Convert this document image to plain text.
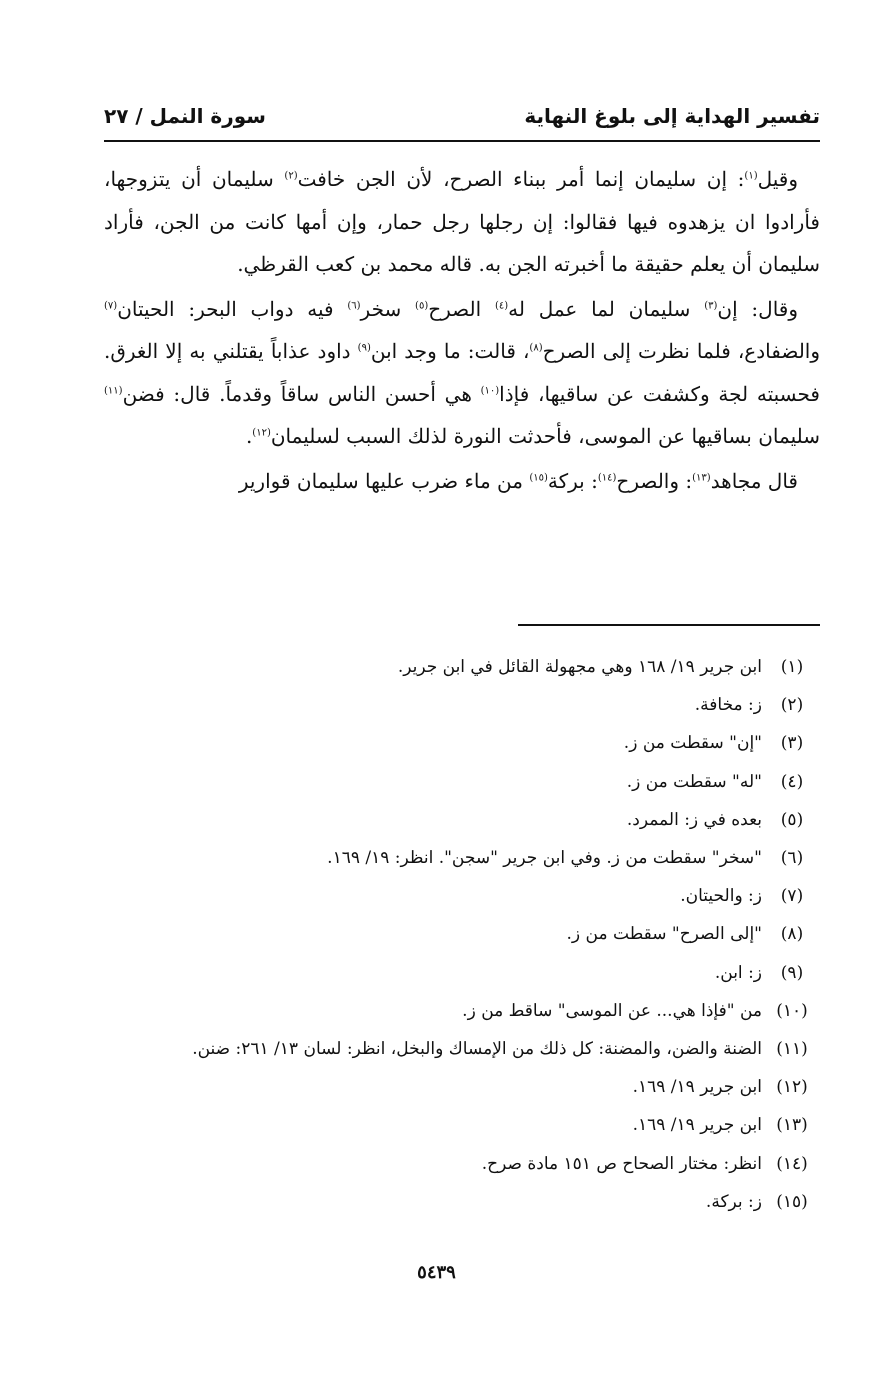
تفسير الهداية إلى بلوغ النهاية
سورة النمل / ٢٧

وقيل$^{(١)}$: إن سليمان إنما أمر ببناء الصرح، لأن الجن خافت$^{(٢)}$ سليمان أن يتزوجها، فأرادوا ان يزهدوه فيها فقالوا: إن رجلها رجل حمار، وإن أمها كانت من الجن، فأراد سليمان أن يعلم حقيقة ما أخبرته الجن به. قاله محمد بن كعب القرظي.

وقال: إن$^{(٣)}$ سليمان لما عمل له$^{(٤)}$ الصرح$^{(٥)}$ سخر$^{(٦)}$ فيه دواب البحر: الحيتان$^{(٧)}$ والضفادع، فلما نظرت إلى الصرح$^{(٨)}$، قالت: ما وجد ابن$^{(٩)}$ داود عذاباً يقتلني به إلا الغرق. فحسبته لجة وكشفت عن ساقيها، فإذا$^{(١٠)}$ هي أحسن الناس ساقاً وقدماً. قال: فضن$^{(١١)}$ سليمان بساقيها عن الموسى، فأحدثت النورة لذلك السبب لسليمان$^{(١٢)}$.

قال مجاهد$^{(١٣)}$: والصرح$^{(١٤)}$: بركة$^{(١٥)}$ من ماء ضرب عليها سليمان قوارير

(١)
ابن جرير ١٩/ ١٦٨ وهي مجهولة القائل في ابن جرير.
(٢)
ز: مخافة.
(٣)
"إن" سقطت من ز.
(٤)
"له" سقطت من ز.
(٥)
بعده في ز: الممرد.
(٦)
"سخر" سقطت من ز. وفي ابن جرير "سجن". انظر: ١٩/ ١٦٩.
(٧)
ز: والحيتان.
(٨)
"إلى الصرح" سقطت من ز.
(٩)
ز: ابن.
(١٠)
من "فإذا هي... عن الموسى" ساقط من ز.
(١١)
الضنة والضن، والمضنة: كل ذلك من الإمساك والبخل، انظر: لسان ١٣/ ٢٦١: ضنن.
(١٢)
ابن جرير ١٩/ ١٦٩.
(١٣)
ابن جرير ١٩/ ١٦٩.
(١٤)
انظر: مختار الصحاح ص ١٥١ مادة صرح.
(١٥)
ز: بركة.
٥٤٣٩
